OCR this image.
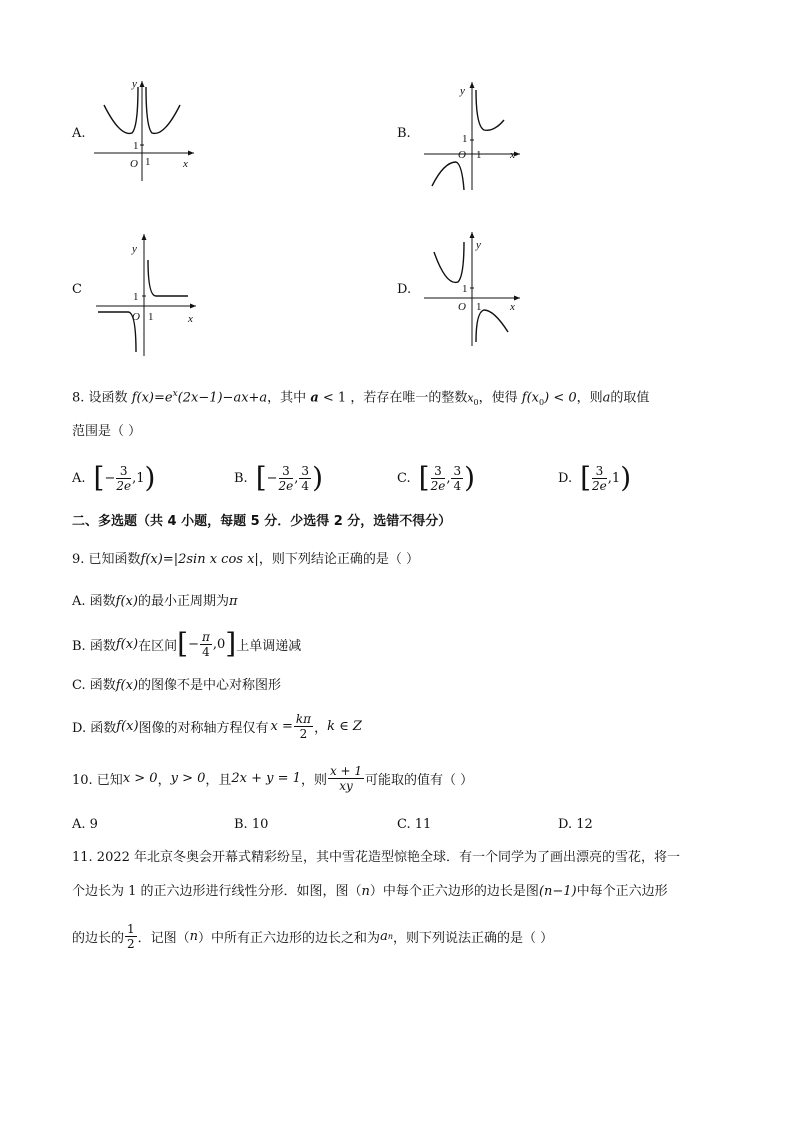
A.
y
x
O 1
1
B.
y
x
O 1
1
C
y
x
O 1
1	D.
y
x
O 1
1
8. 设函数 $f(x)=e^x(2x-1)-ax+a$，其中 a < 1 ，若存在唯一的整数$x_0$，使得 $f(x_0) < 0$，则a的取值
范围是（ ）
A. [ − $\frac{3}{2e} ,1$ )	B. [ − $\frac{3}{2e}$ , $\frac{3}{4}$ )	C. [ $\frac{3}{2e}$ , $\frac{3}{4}$ )	D. [ $\frac{3}{2e} ,1$ )
二、多选题（共 4 小题，每题 5 分．少选得 2 分，选错不得分）
9. 已知函数f(x)=|2sin x cos x|，则下列结论正确的是（ ）
A. 函数f(x)的最小正周期为π
B. 函数 f(x) 在区间 [ − $\frac{\pi}{4} ,0$ ] 上单调递减
C. 函数f(x)的图像不是中心对称图形
D. 函数 f(x) 图像的对称轴方程仅有 $x = \frac{k\pi}{2}$ ， k ∈ Z
10. 已知 x > 0 ， y > 0 ，且 2x + y = 1 ，则 $\frac{x + 1}{xy}$ 可能取的值有（ ）
A. 9	B. 10	C. 11	D. 12
11. 2022 年北京冬奥会开幕式精彩纷呈，其中雪花造型惊艳全球．有一个同学为了画出漂亮的雪花，将一
个边长为 1 的正六边形进行线性分形．如图，图（n）中每个正六边形的边长是图(n−1)中每个正六边形
的边长的 $\frac{1}{2}$ ．记图（ n ）中所有正六边形的边长之和为 a n ，则下列说法正确的是（ ）
